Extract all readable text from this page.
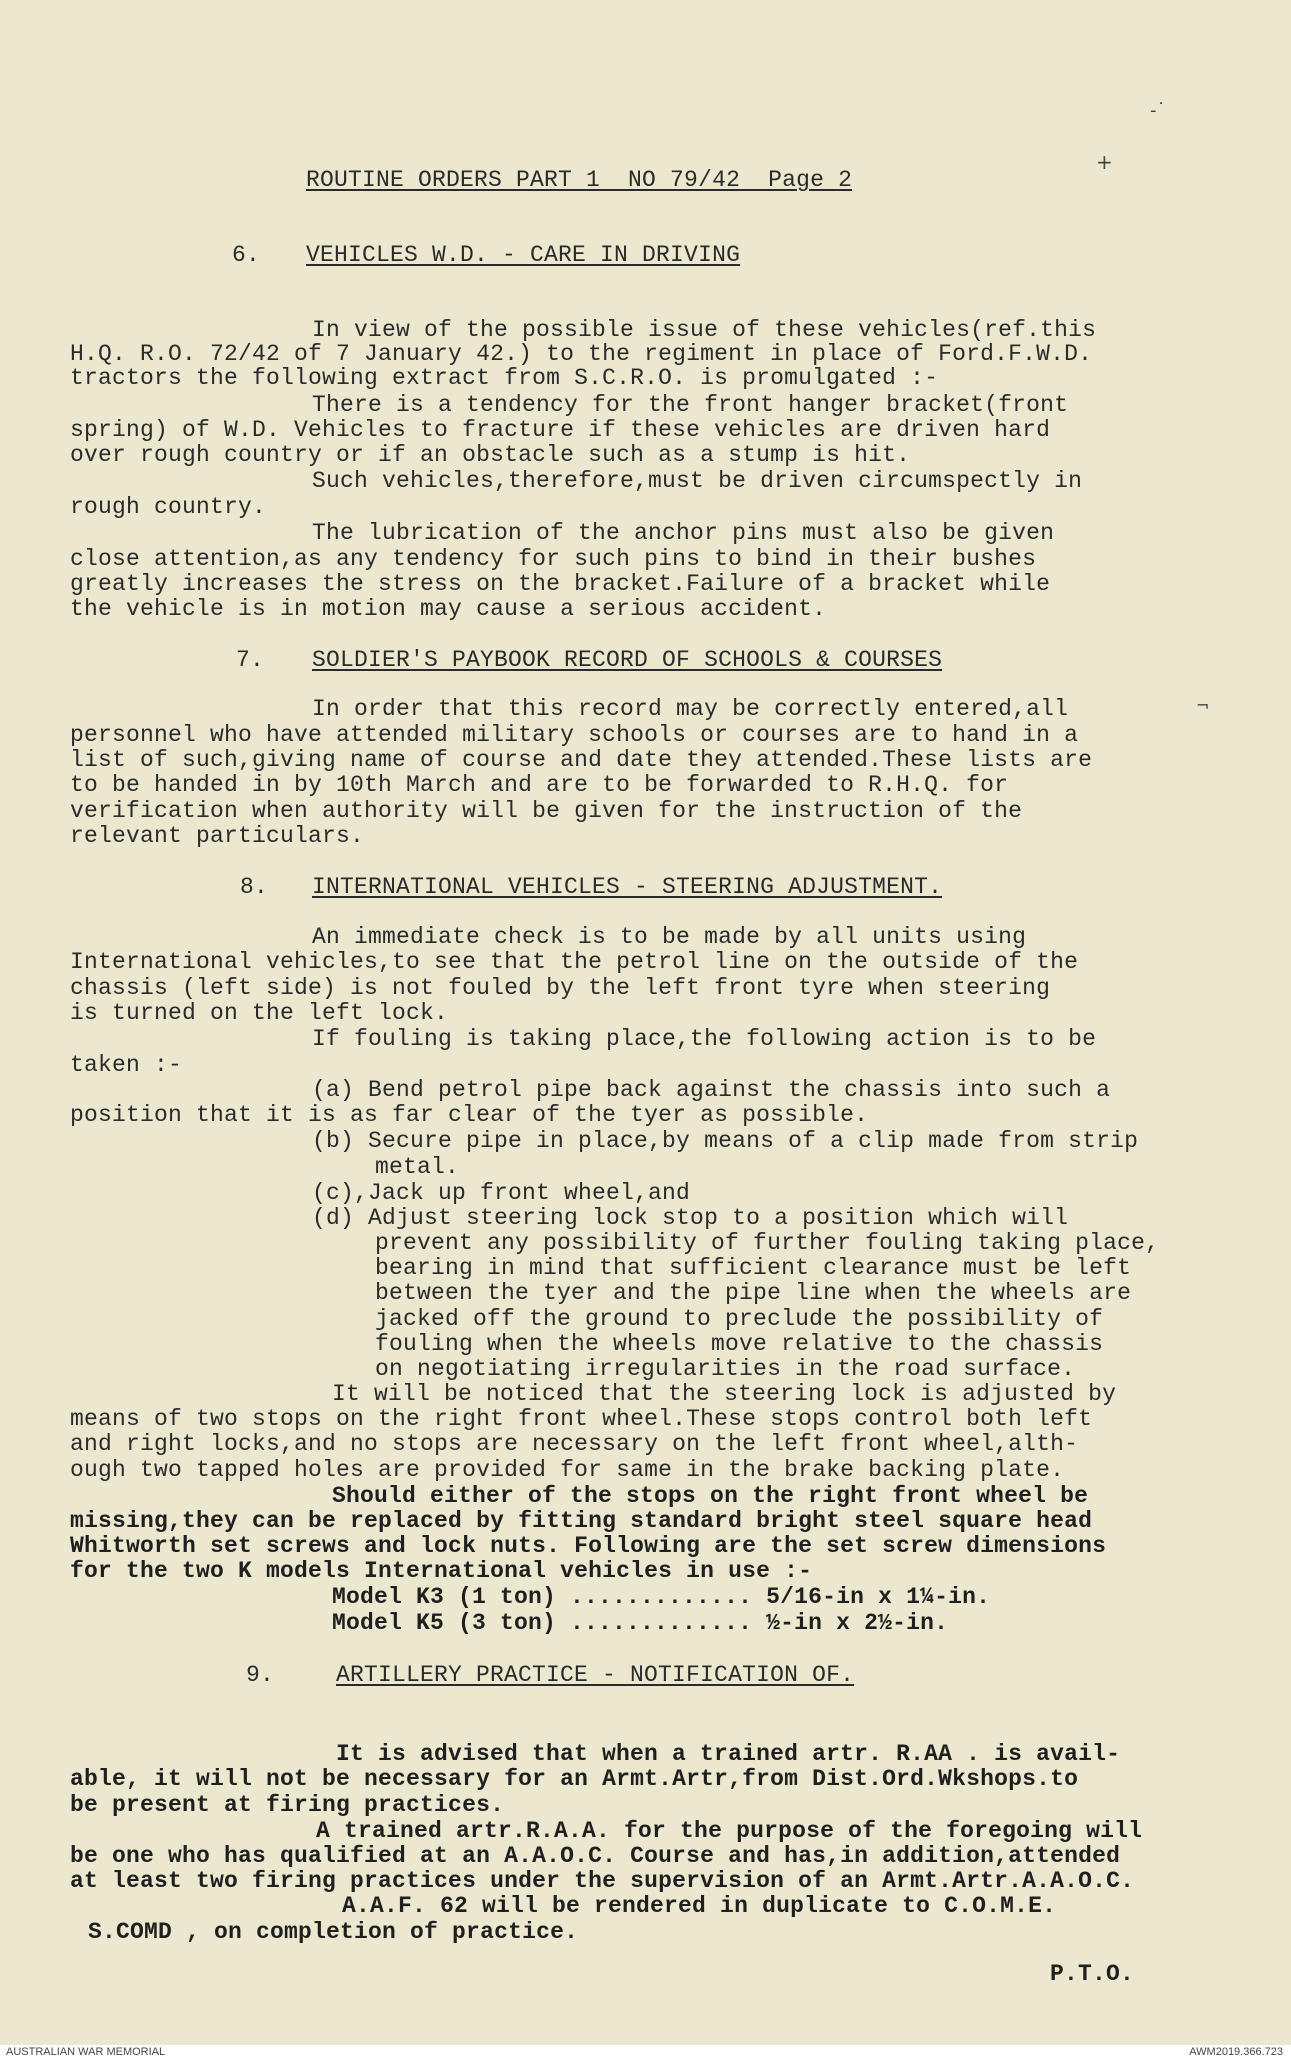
‐˙
+
ROUTINE ORDERS PART 1  NO 79/42  Page 2
6. VEHICLES W.D. - CARE IN DRIVING
In view of the possible issue of these vehicles(ref.this
H.Q. R.O. 72/42 of 7 January 42.) to the regiment in place of Ford.F.W.D.
tractors the following extract from S.C.R.O. is promulgated :-
There is a tendency for the front hanger bracket(front
spring) of W.D. Vehicles to fracture if these vehicles are driven hard
over rough country or if an obstacle such as a stump is hit.
Such vehicles,therefore,must be driven circumspectly in
rough country.
The lubrication of the anchor pins must also be given
close attention,as any tendency for such pins to bind in their bushes
greatly increases the stress on the bracket.Failure of a bracket while
the vehicle is in motion may cause a serious accident.
7. SOLDIER'S PAYBOOK RECORD OF SCHOOLS & COURSES
¬
In order that this record may be correctly entered,all
personnel who have attended military schools or courses are to hand in a
list of such,giving name of course and date they attended.These lists are
to be handed in by 10th March and are to be forwarded to R.H.Q. for
verification when authority will be given for the instruction of the
relevant particulars.
8. INTERNATIONAL VEHICLES - STEERING ADJUSTMENT.
An immediate check is to be made by all units using
International vehicles,to see that the petrol line on the outside of the
chassis (left side) is not fouled by the left front tyre when steering
is turned on the left lock.
If fouling is taking place,the following action is to be
taken :-
(a) Bend petrol pipe back against the chassis into such a
position that it is as far clear of the tyer as possible.
(b) Secure pipe in place,by means of a clip made from strip
metal.
(c),Jack up front wheel,and
(d) Adjust steering lock stop to a position which will
prevent any possibility of further fouling taking place,
bearing in mind that sufficient clearance must be left
between the tyer and the pipe line when the wheels are
jacked off the ground to preclude the possibility of
fouling when the wheels move relative to the chassis
on negotiating irregularities in the road surface.
It will be noticed that the steering lock is adjusted by
means of two stops on the right front wheel.These stops control both left
and right locks,and no stops are necessary on the left front wheel,alth-
ough two tapped holes are provided for same in the brake backing plate.
Should either of the stops on the right front wheel be
missing,they can be replaced by fitting standard bright steel square head
Whitworth set screws and lock nuts. Following are the set screw dimensions
for the two K models International vehicles in use :-
Model K3 (1 ton) ............. 5/16-in x 1¼-in.
Model K5 (3 ton) ............. ½-in x 2½-in.
9.	ARTILLERY PRACTICE - NOTIFICATION OF.
It is advised that when a trained artr. R.AA . is avail-
able, it will not be necessary for an Armt.Artr,from Dist.Ord.Wkshops.to
be present at firing practices.
A trained artr.R.A.A. for the purpose of the foregoing will
be one who has qualified at an A.A.O.C. Course and has,in addition,attended
at least two firing practices under the supervision of an Armt.Artr.A.A.O.C.
A.A.F. 62 will be rendered in duplicate to C.O.M.E.
S.COMD , on completion of practice.
P.T.O.
AUSTRALIAN WAR MEMORIAL	AWM2019.366.723
